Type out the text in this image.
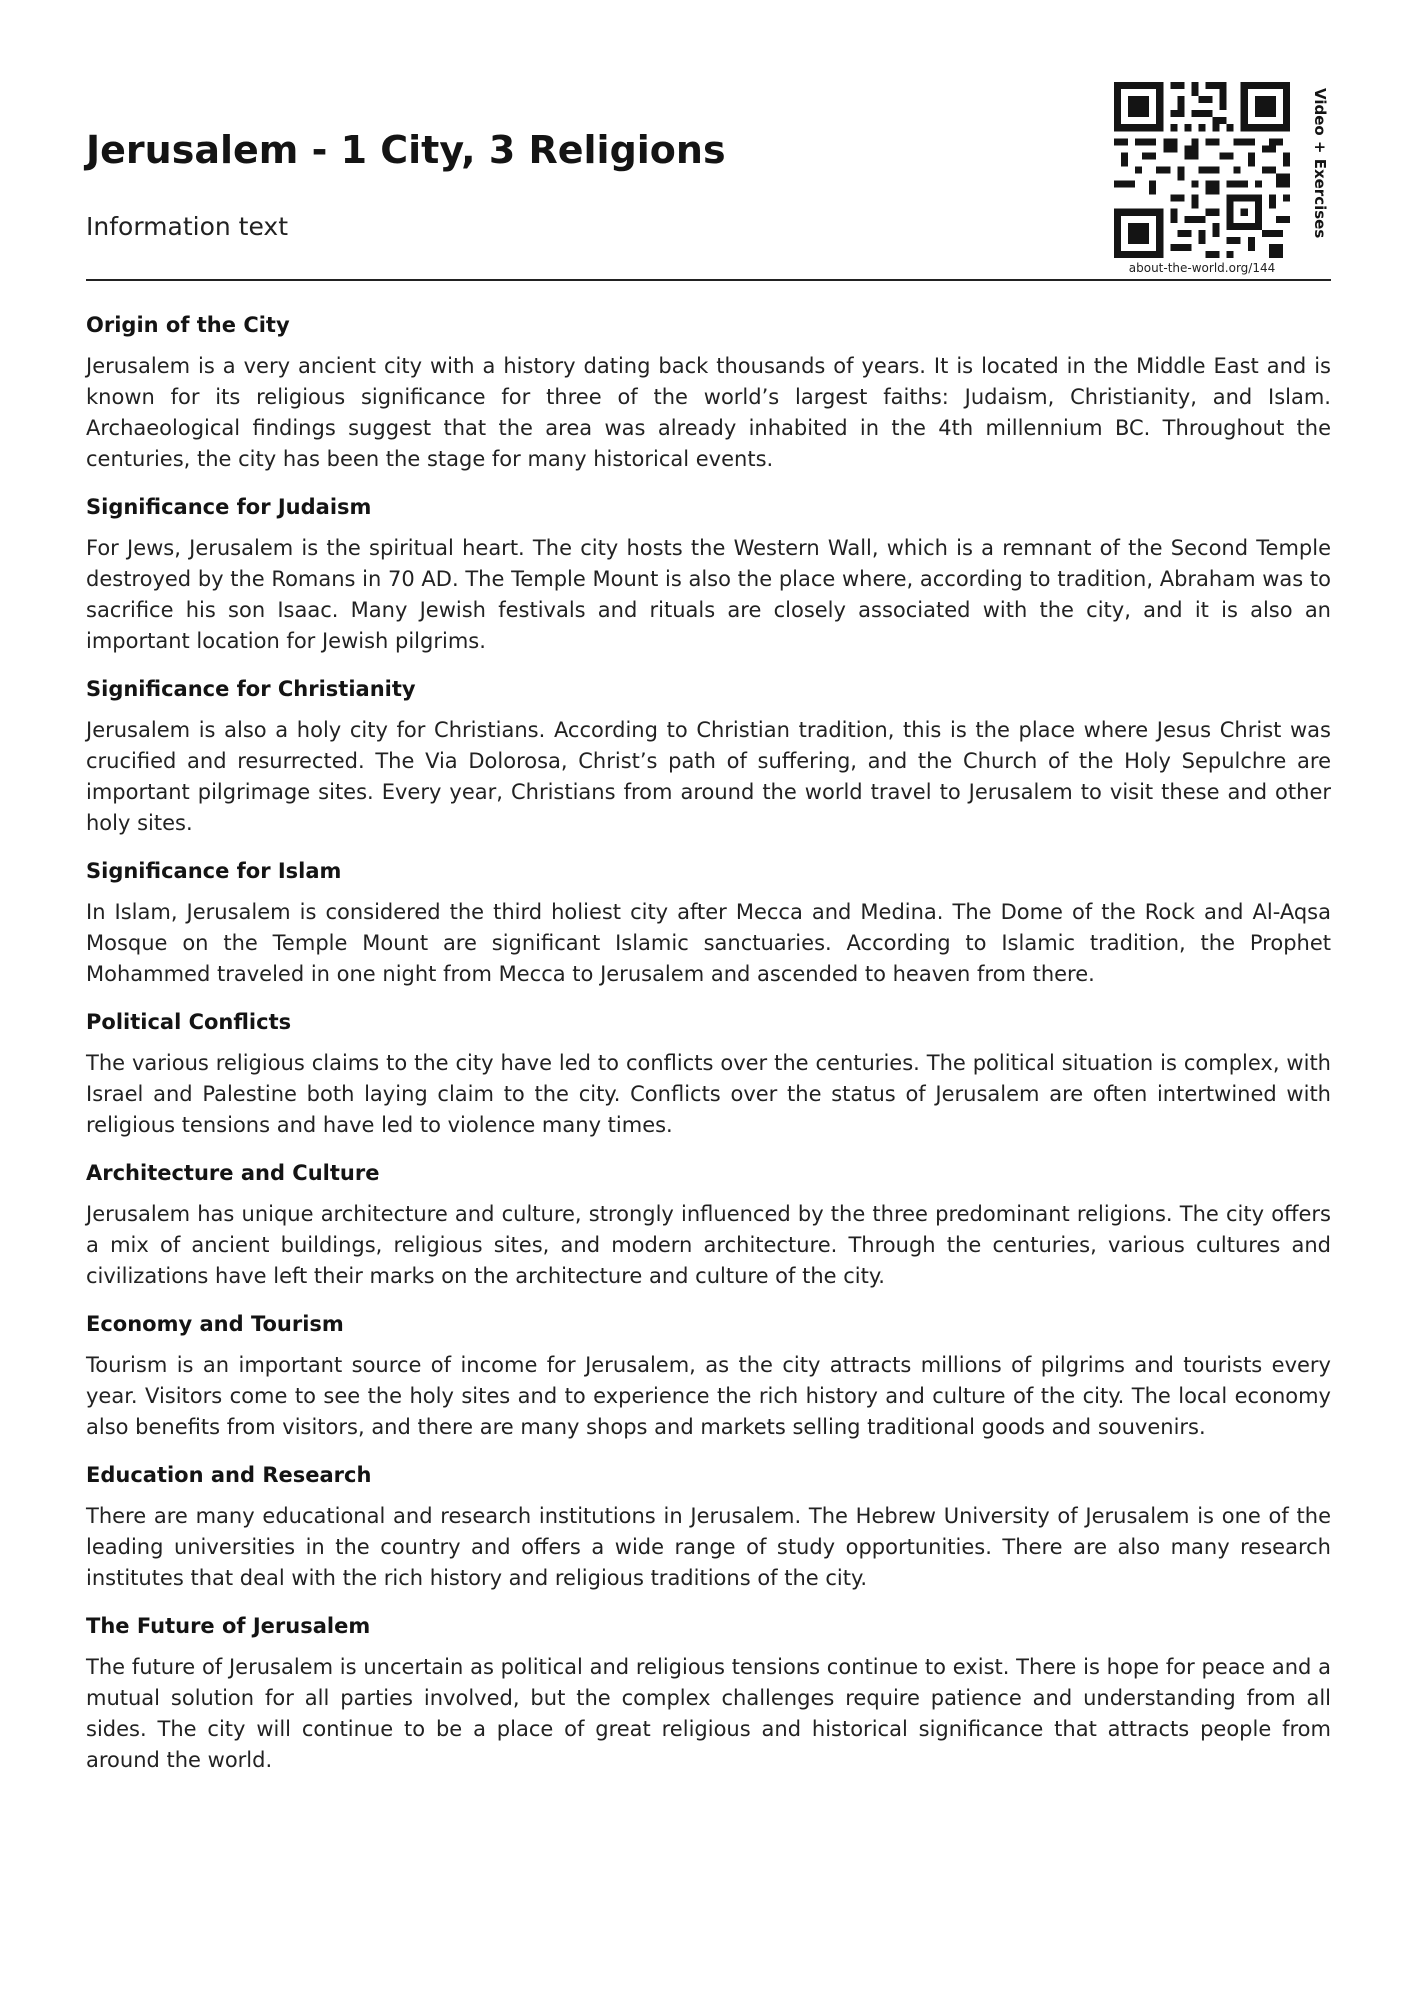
Jerusalem - 1 City, 3 Religions
Information text
about-the-world.org/144
Video + Exercises
Origin of the City

Jerusalem is a very ancient city with a history dating back thousands of years. It is located in the Middle East and is known for its religious significance for three of the world’s largest faiths: Judaism, Christianity, and Islam. Archaeological findings suggest that the area was already inhabited in the 4th millennium BC. Throughout the centuries, the city has been the stage for many historical events.

Significance for Judaism

For Jews, Jerusalem is the spiritual heart. The city hosts the Western Wall, which is a remnant of the Second Temple destroyed by the Romans in 70 AD. The Temple Mount is also the place where, according to tradition, Abraham was to sacrifice his son Isaac. Many Jewish festivals and rituals are closely associated with the city, and it is also an important location for Jewish pilgrims.

Significance for Christianity

Jerusalem is also a holy city for Christians. According to Christian tradition, this is the place where Jesus Christ was crucified and resurrected. The Via Dolorosa, Christ’s path of suffering, and the Church of the Holy Sepulchre are important pilgrimage sites. Every year, Christians from around the world travel to Jerusalem to visit these and other holy sites.

Significance for Islam

In Islam, Jerusalem is considered the third holiest city after Mecca and Medina. The Dome of the Rock and Al-Aqsa Mosque on the Temple Mount are significant Islamic sanctuaries. According to Islamic tradition, the Prophet Mohammed traveled in one night from Mecca to Jerusalem and ascended to heaven from there.

Political Conflicts

The various religious claims to the city have led to conflicts over the centuries. The political situation is complex, with Israel and Palestine both laying claim to the city. Conflicts over the status of Jerusalem are often intertwined with religious tensions and have led to violence many times.

Architecture and Culture

Jerusalem has unique architecture and culture, strongly influenced by the three predominant religions. The city offers a mix of ancient buildings, religious sites, and modern architecture. Through the centuries, various cultures and civilizations have left their marks on the architecture and culture of the city.

Economy and Tourism

Tourism is an important source of income for Jerusalem, as the city attracts millions of pilgrims and tourists every year. Visitors come to see the holy sites and to experience the rich history and culture of the city. The local economy also benefits from visitors, and there are many shops and markets selling traditional goods and souvenirs.

Education and Research

There are many educational and research institutions in Jerusalem. The Hebrew University of Jerusalem is one of the leading universities in the country and offers a wide range of study opportunities. There are also many research institutes that deal with the rich history and religious traditions of the city.

The Future of Jerusalem

The future of Jerusalem is uncertain as political and religious tensions continue to exist. There is hope for peace and a mutual solution for all parties involved, but the complex challenges require patience and understanding from all sides. The city will continue to be a place of great religious and historical significance that attracts people from around the world.
